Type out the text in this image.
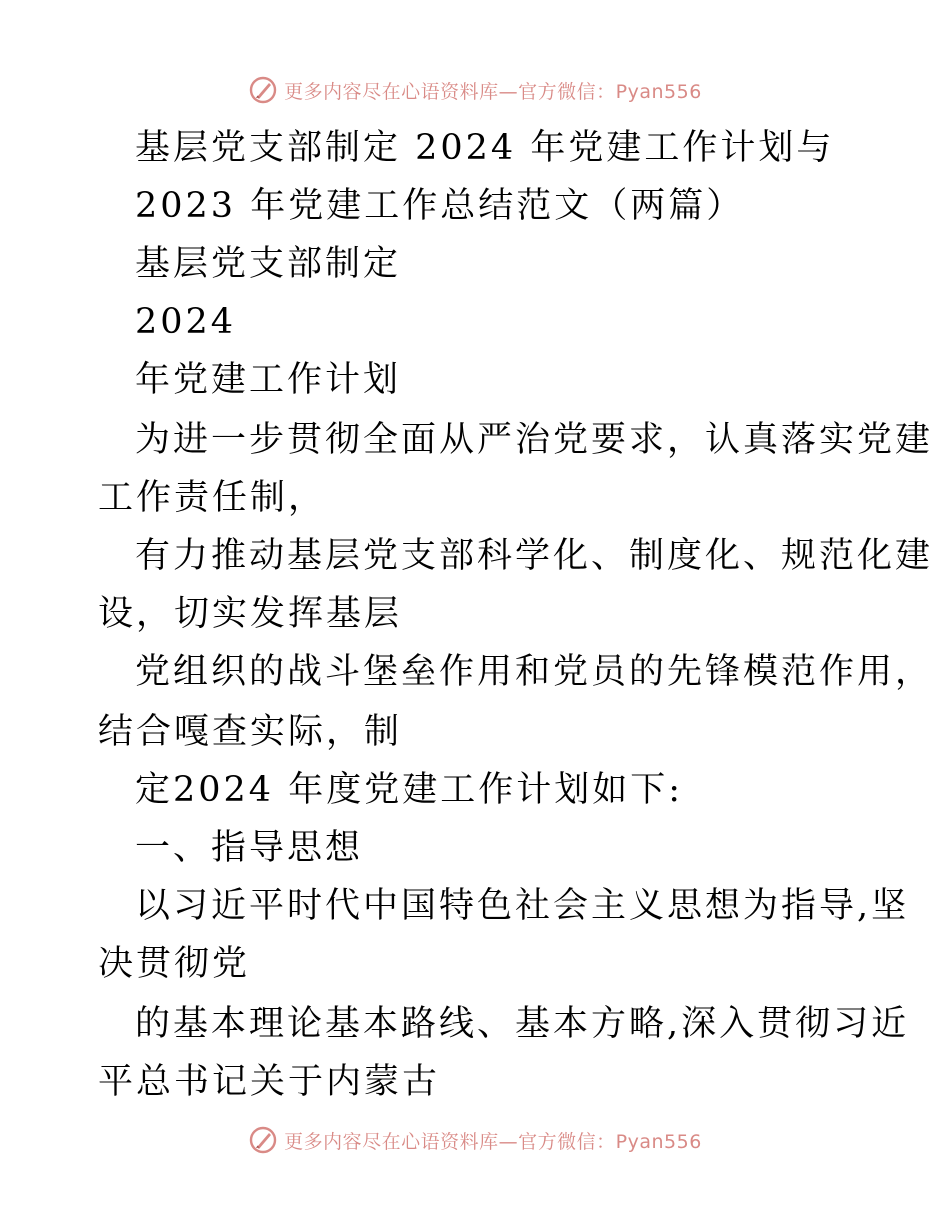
更多内容尽在心语资料库—官方微信：Pyan556
基层党支部制定 2024 年党建工作计划与
2023 年党建工作总结范文（两篇）
基层党支部制定
2024
年党建工作计划
为进一步贯彻全面从严治党要求，认真落实党建
工作责任制，
有力推动基层党支部科学化、制度化、规范化建
设，切实发挥基层
党组织的战斗堡垒作用和党员的先锋模范作用，
结合嘎查实际，制
定2024 年度党建工作计划如下:
一、指导思想
以习近平时代中国特色社会主义思想为指导,坚
决贯彻党
的基本理论基本路线、基本方略,深入贯彻习近
平总书记关于内蒙古
更多内容尽在心语资料库—官方微信：Pyan556
